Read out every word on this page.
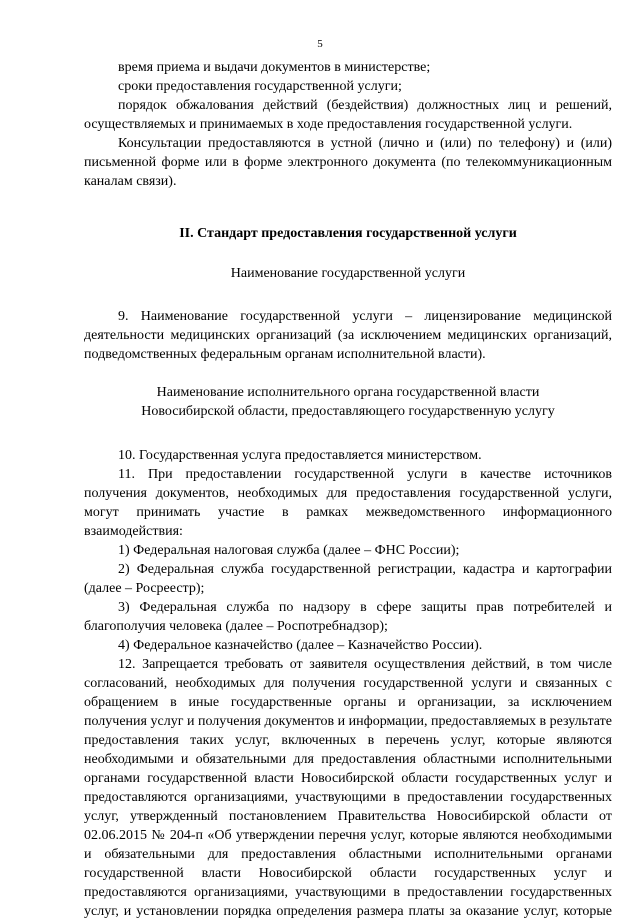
5

время приема и выдачи документов в министерстве;

сроки предоставления государственной услуги;

порядок обжалования действий (бездействия) должностных лиц и решений, осуществляемых и принимаемых в ходе предоставления государственной услуги.

Консультации предоставляются в устной (лично и (или) по телефону) и (или) письменной форме или в форме электронного документа (по телекоммуникационным каналам связи).

II. Стандарт предоставления государственной услуги

Наименование государственной услуги

9. Наименование государственной услуги – лицензирование медицинской деятельности медицинских организаций (за исключением медицинских организаций, подведомственных федеральным органам исполнительной власти).

Наименование исполнительного органа государственной власти

Новосибирской области, предоставляющего государственную услугу

10. Государственная услуга предоставляется министерством.

11. При предоставлении государственной услуги в качестве источников получения документов, необходимых для предоставления государственной услуги, могут принимать участие в рамках межведомственного информационного взаимодействия:

1) Федеральная налоговая служба (далее – ФНС России);

2) Федеральная служба государственной регистрации, кадастра и картографии (далее – Росреестр);

3) Федеральная служба по надзору в сфере защиты прав потребителей и благополучия человека (далее – Роспотребнадзор);

4) Федеральное казначейство (далее – Казначейство России).

12. Запрещается требовать от заявителя осуществления действий, в том числе согласований, необходимых для получения государственной услуги и связанных с обращением в иные государственные органы и организации, за исключением получения услуг и получения документов и информации, предоставляемых в результате предоставления таких услуг, включенных в перечень услуг, которые являются необходимыми и обязательными для предоставления областными исполнительными органами государственной власти Новосибирской области государственных услуг и предоставляются организациями, участвующими в предоставлении государственных услуг, утвержденный постановлением Правительства Новосибирской области от 02.06.2015 № 204-п «Об утверждении перечня услуг, которые являются необходимыми и обязательными для предоставления областными исполнительными органами государственной власти Новосибирской области государственных услуг и предоставляются организациями, участвующими в предоставлении государственных услуг, и установлении порядка определения размера платы за оказание услуг, которые
